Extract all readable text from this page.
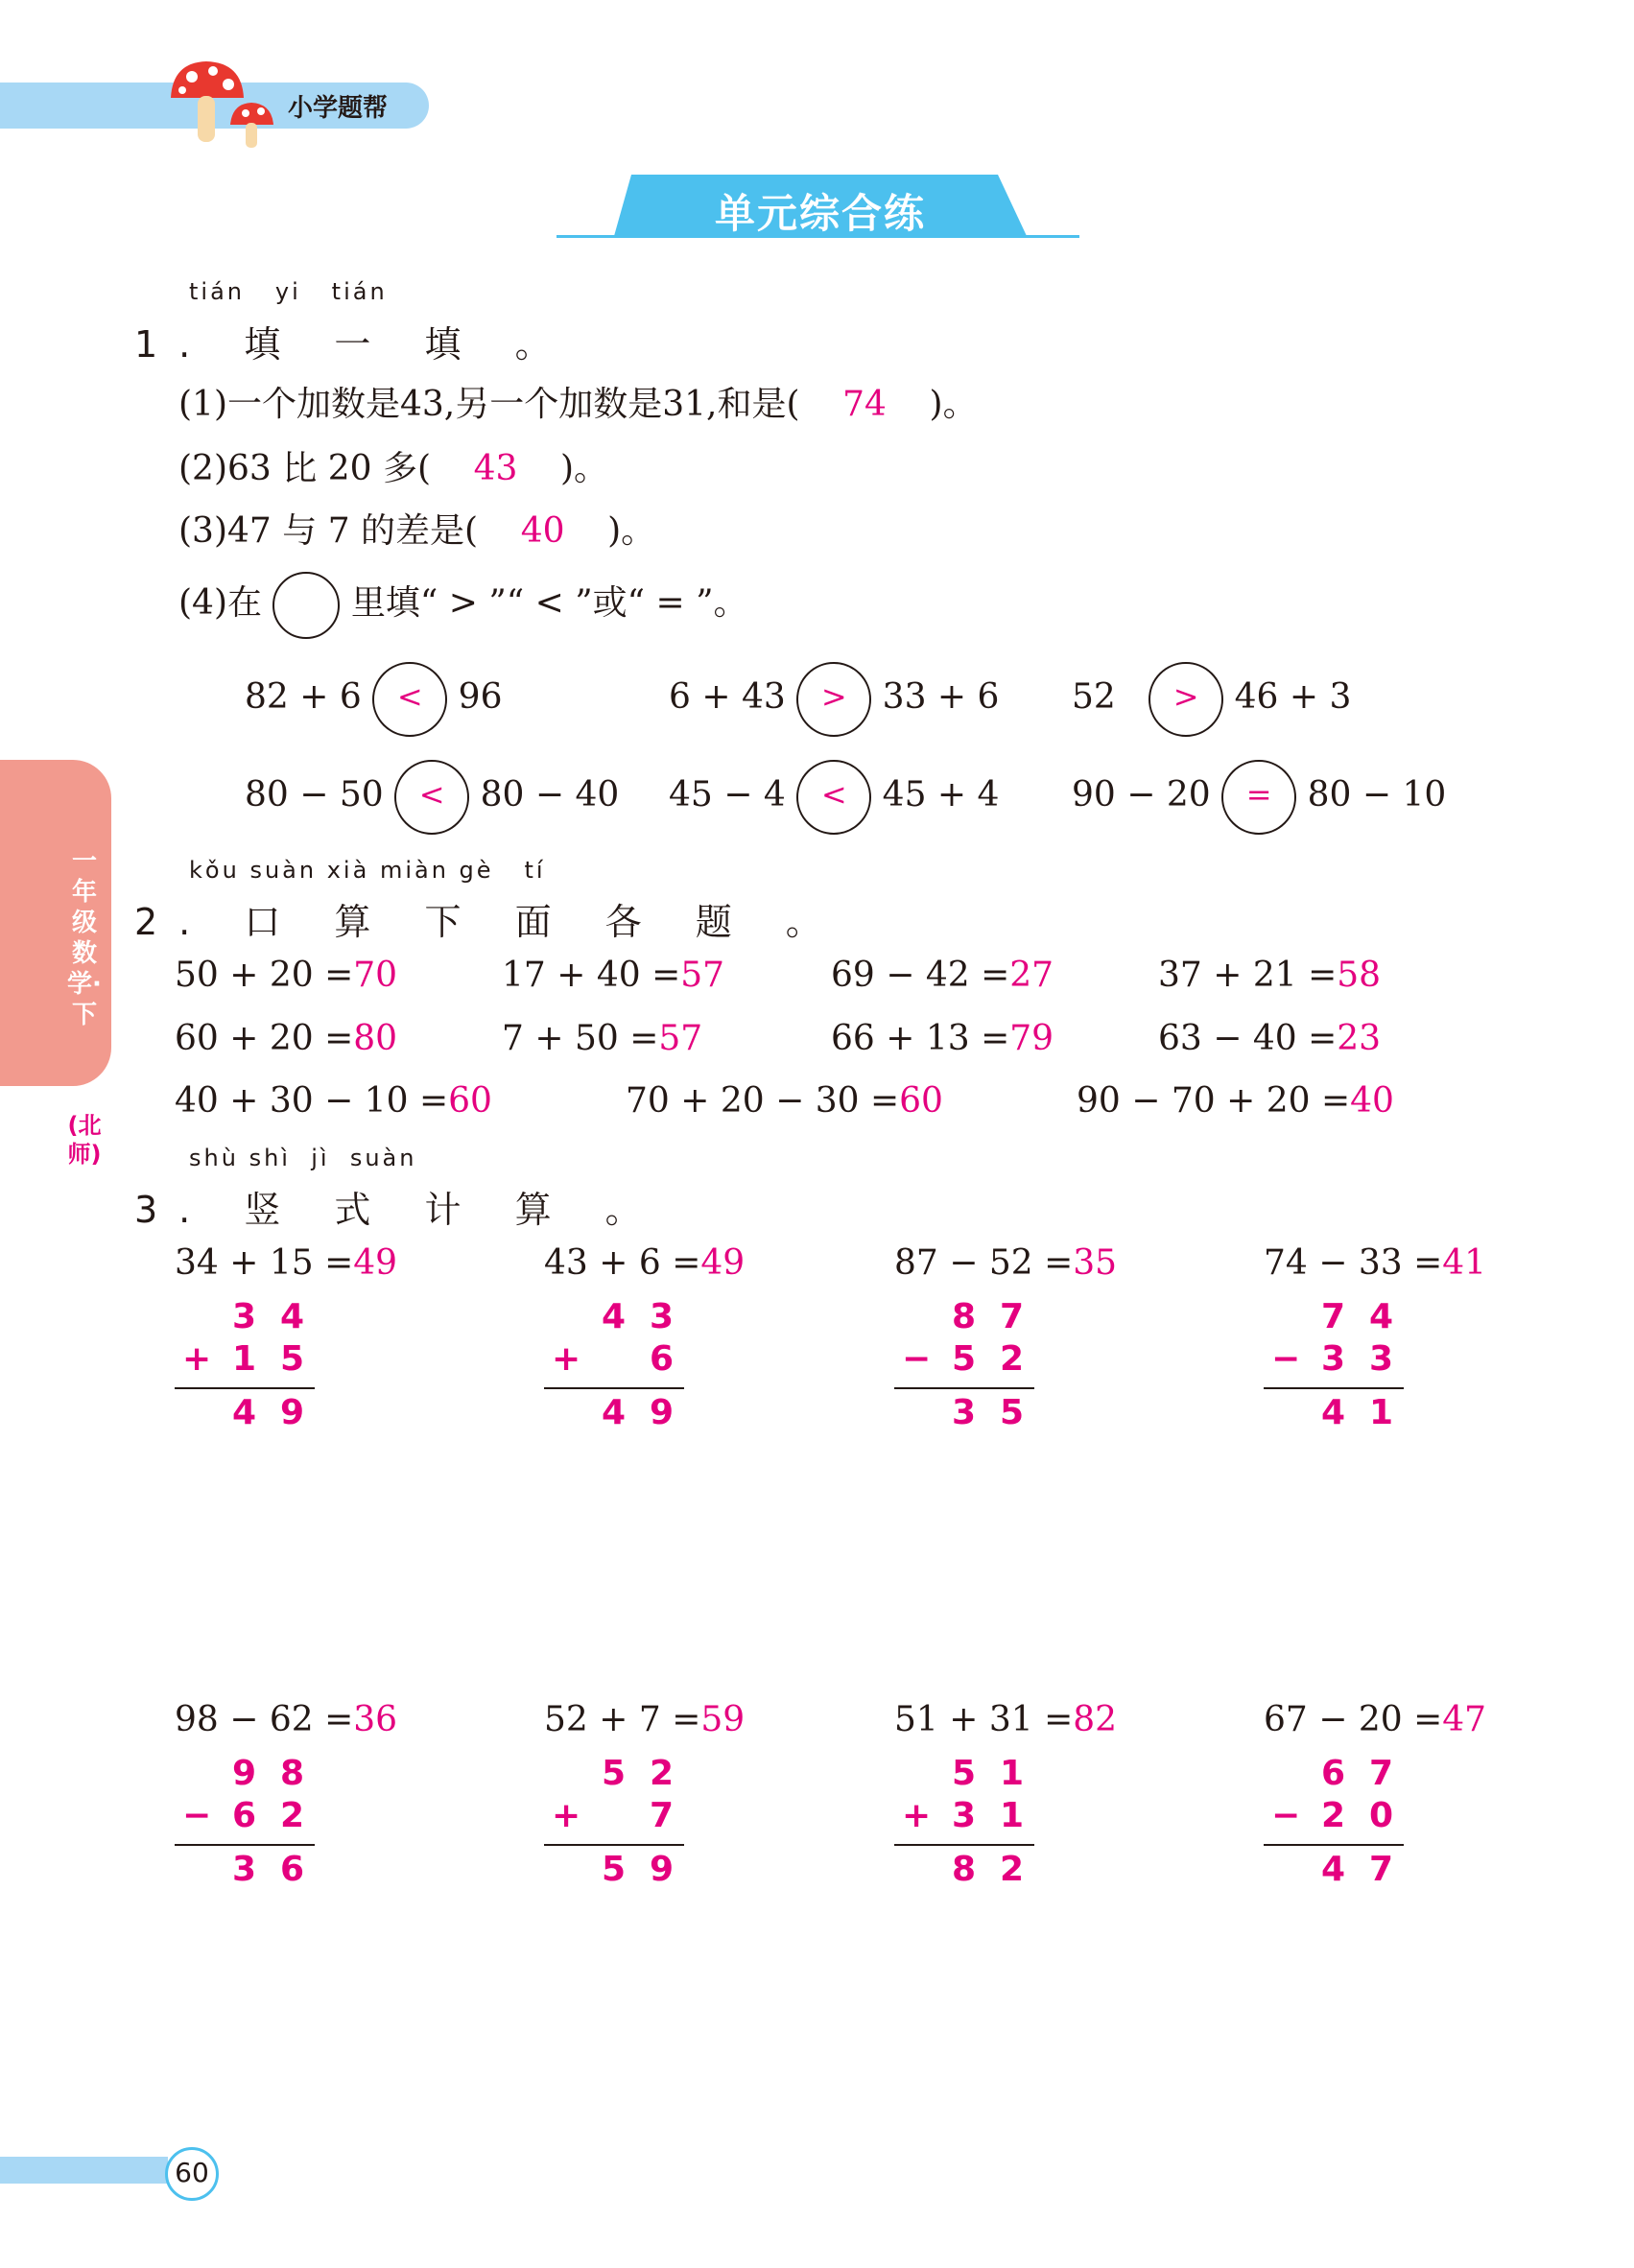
小学题帮
单元综合练
一年级数学·下
(北师)
tián yi tián
1. 填 一 填 。
(1)一个加数是43,另一个加数是31,和是( 74 )。
(2)63 比 20 多( 43 )。
(3)47 与 7 的差是( 40 )。
(4)在	里填“ > ”“ < ”或“ = ”。
82 + 6 < 96	6 + 43 > 33 + 6 52 > 46 + 3
80 − 50 < 80 − 40 45 − 4 < 45 + 4 90 − 20 = 80 − 10
kǒu suàn xià miàn gè tí
2. 口 算 下 面 各 题 。
50 + 20 =70	17 + 40 =57	69 − 42 =27	37 + 21 =58
60 + 20 =80	7 + 50 =57	66 + 13 =79	63 − 40 =23
40 + 30 − 10 =60	70 + 20 − 30 =60	90 − 70 + 20 =40
shù shì jì suàn
3. 竖 式 计 算 。
34 + 15 =49
3 4
+ 1 5
4 9
43 + 6 =49
4 3
+ 6
4 9
87 − 52 =35
8 7
− 5 2
3 5
74 − 33 =41
7 4
− 3 3
4 1
98 − 62 =36
9 8
− 6 2
3 6
52 + 7 =59
5 2
+ 7
5 9
51 + 31 =82
5 1
+ 3 1
8 2
67 − 20 =47
6 7
− 2 0
4 7
60
